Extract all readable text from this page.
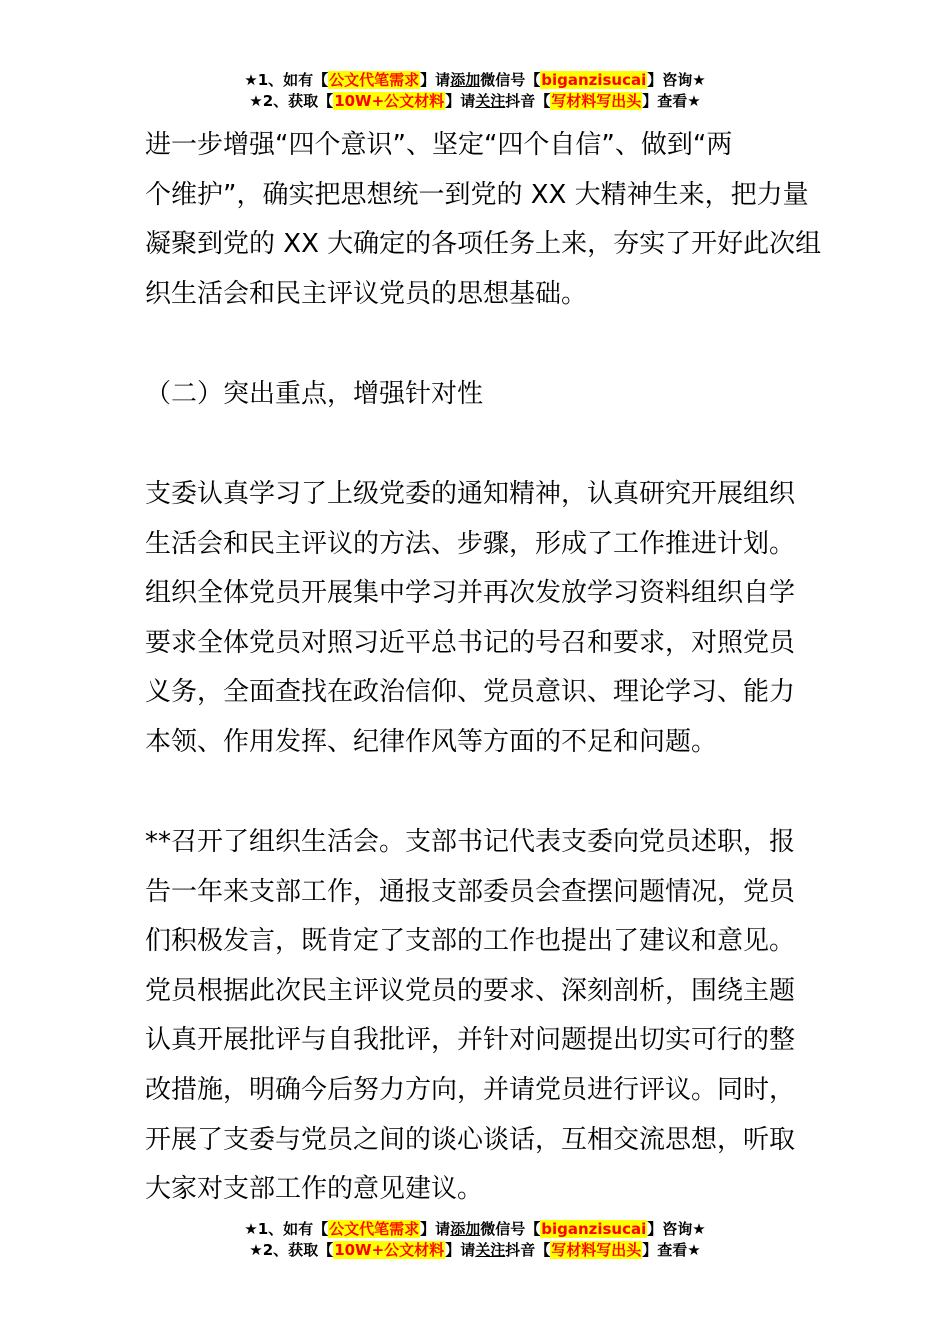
★1、如有【公文代笔需求】请添加微信号【biganzisucai】咨询★
★2、获取【10W+公文材料】请关注抖音【写材料写出头】查看★

进一步增强“四个意识”、坚定“四个自信”、做到“两
个维护”，确实把思想统一到党的 XX 大精神生来，把力量
凝聚到党的 XX 大确定的各项任务上来，夯实了开好此次组
织生活会和民主评议党员的思想基础。

（二）突出重点，增强针对性

支委认真学习了上级党委的通知精神，认真研究开展组织
生活会和民主评议的方法、步骤，形成了工作推进计划。
组织全体党员开展集中学习并再次发放学习资料组织自学
要求全体党员对照习近平总书记的号召和要求，对照党员
义务，全面查找在政治信仰、党员意识、理论学习、能力
本领、作用发挥、纪律作风等方面的不足和问题。

**召开了组织生活会。支部书记代表支委向党员述职，报
告一年来支部工作，通报支部委员会查摆问题情况，党员
们积极发言，既肯定了支部的工作也提出了建议和意见。
党员根据此次民主评议党员的要求、深刻剖析，围绕主题
认真开展批评与自我批评，并针对问题提出切实可行的整
改措施，明确今后努力方向，并请党员进行评议。同时，
开展了支委与党员之间的谈心谈话，互相交流思想，听取
大家对支部工作的意见建议。

★1、如有【公文代笔需求】请添加微信号【biganzisucai】咨询★
★2、获取【10W+公文材料】请关注抖音【写材料写出头】查看★
